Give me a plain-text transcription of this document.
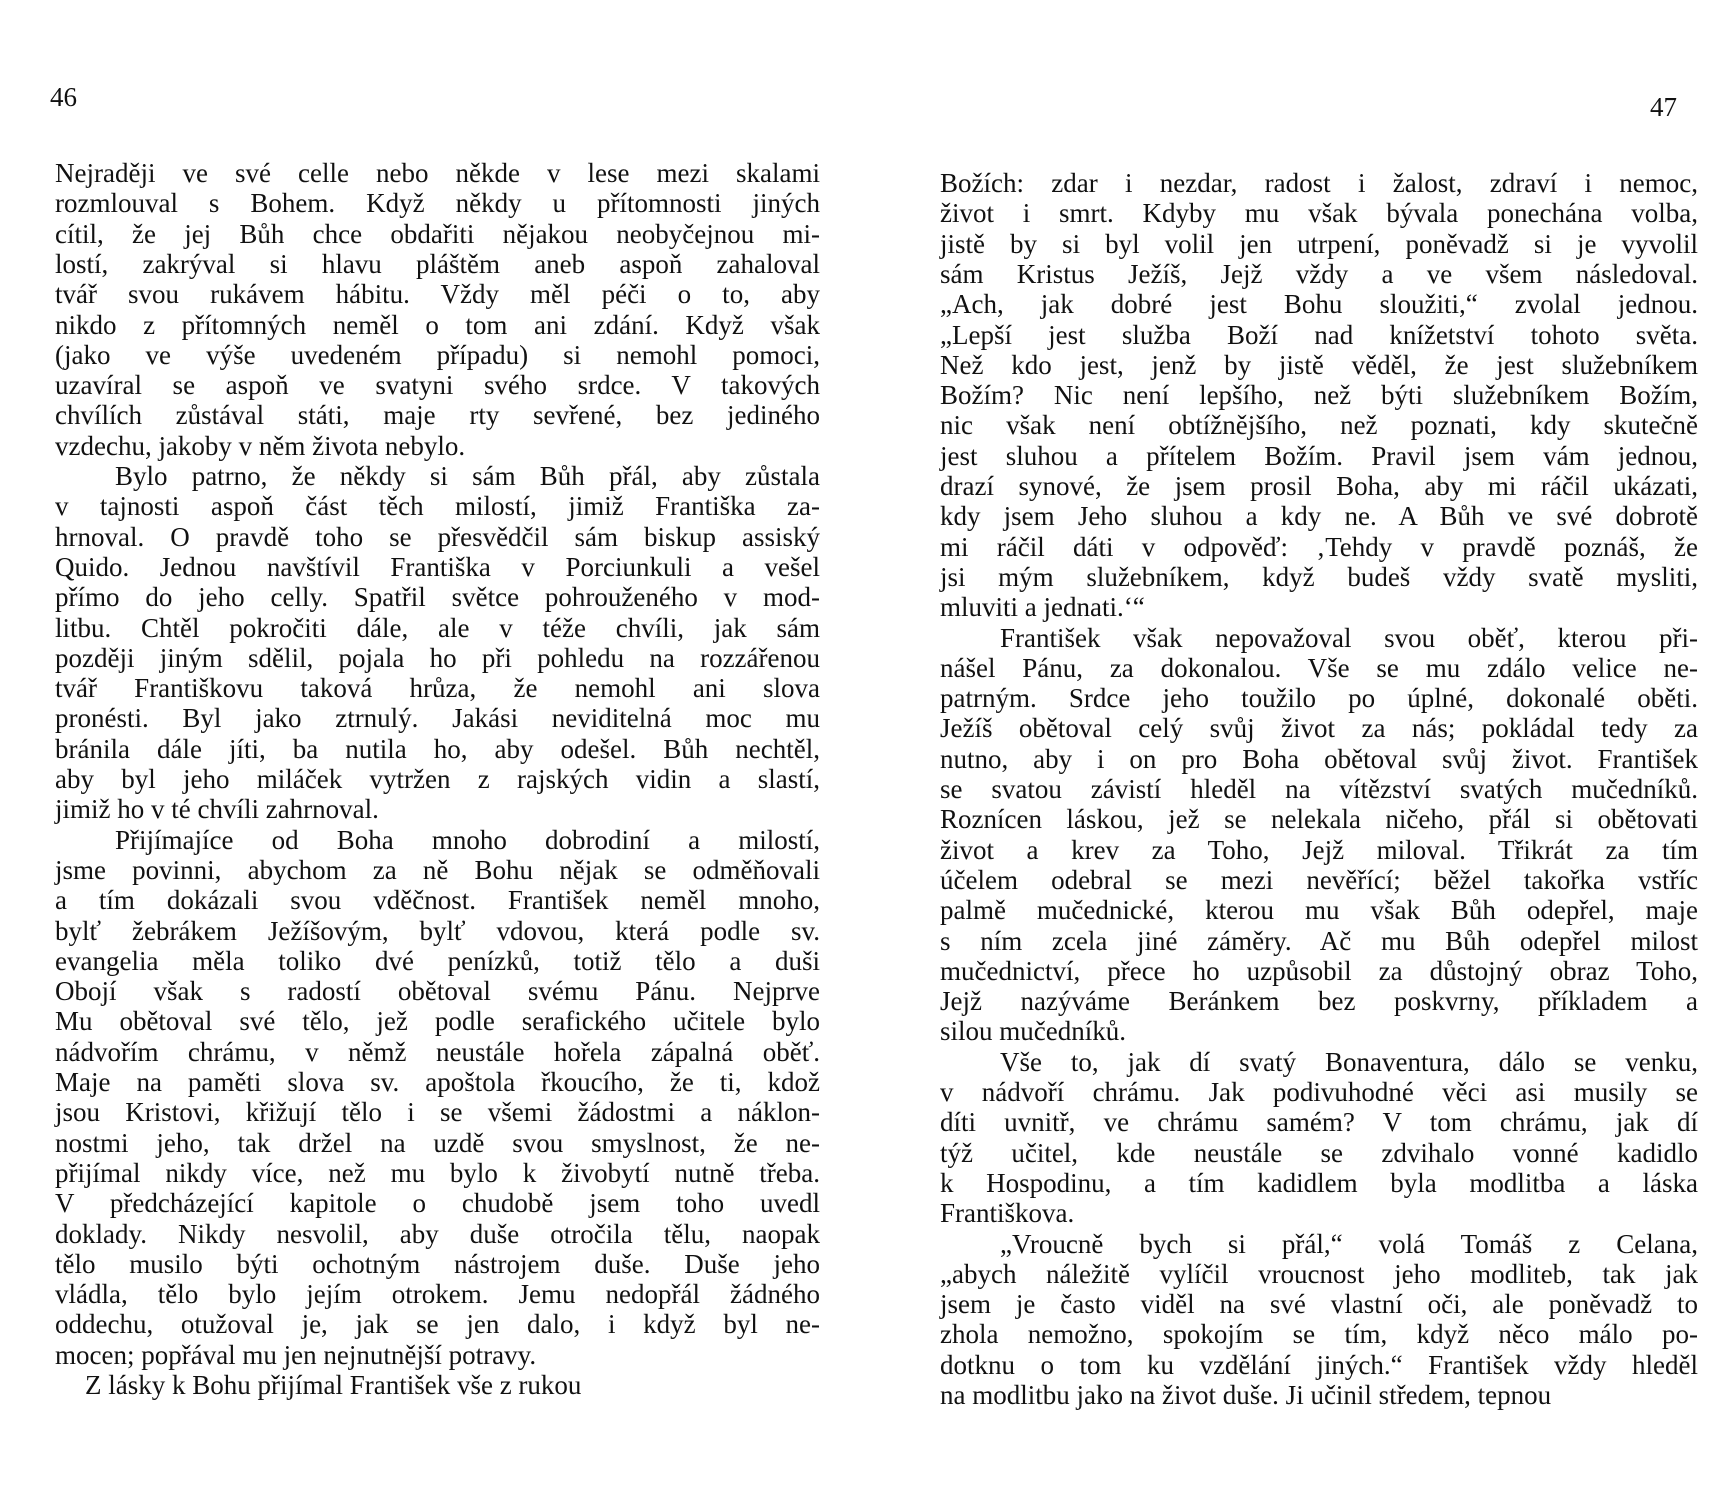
46	47
Nejraději ve své celle nebo někde v lese mezi skalami
rozmlouval s Bohem. Když někdy u přítomnosti jiných
cítil, že jej Bůh chce obdařiti nějakou neobyčejnou mi-
lostí, zakrýval si hlavu pláštěm aneb aspoň zahaloval
tvář svou rukávem hábitu. Vždy měl péči o to, aby
nikdo z přítomných neměl o tom ani zdání. Když však
(jako ve výše uvedeném případu) si nemohl pomoci,
uzavíral se aspoň ve svatyni svého srdce. V takových
chvílích zůstával státi, maje rty sevřené, bez jediného
vzdechu, jakoby v něm života nebylo.
Bylo patrno, že někdy si sám Bůh přál, aby zůstala
v tajnosti aspoň část těch milostí, jimiž Františka za-
hrnoval. O pravdě toho se přesvědčil sám biskup assiský
Quido. Jednou navštívil Františka v Porciunkuli a vešel
přímo do jeho celly. Spatřil světce pohrouženého v mod-
litbu. Chtěl pokročiti dále, ale v téže chvíli, jak sám
později jiným sdělil, pojala ho při pohledu na rozzářenou
tvář Františkovu taková hrůza, že nemohl ani slova
pronésti. Byl jako ztrnulý. Jakási neviditelná moc mu
bránila dále jíti, ba nutila ho, aby odešel. Bůh nechtěl,
aby byl jeho miláček vytržen z rajských vidin a slastí,
jimiž ho v té chvíli zahrnoval.
Přijímajíce od Boha mnoho dobrodiní a milostí,
jsme povinni, abychom za ně Bohu nějak se odměňovali
a tím dokázali svou vděčnost. František neměl mnoho,
bylť žebrákem Ježíšovým, bylť vdovou, která podle sv.
evangelia měla toliko dvé penízků, totiž tělo a duši
Obojí však s radostí obětoval svému Pánu. Nejprve
Mu obětoval své tělo, jež podle serafického učitele bylo
nádvořím chrámu, v němž neustále hořela zápalná oběť.
Maje na paměti slova sv. apoštola řkoucího, že ti, kdož
jsou Kristovi, křižují tělo i se všemi žádostmi a náklon-
nostmi jeho, tak držel na uzdě svou smyslnost, že ne-
přijímal nikdy více, než mu bylo k živobytí nutně třeba.
V předcházející kapitole o chudobě jsem toho uvedl
doklady. Nikdy nesvolil, aby duše otročila tělu, naopak
tělo musilo býti ochotným nástrojem duše. Duše jeho
vládla, tělo bylo jejím otrokem. Jemu nedopřál žádného
oddechu, otužoval je, jak se jen dalo, i když byl ne-
mocen; popřával mu jen nejnutnější potravy.
Z lásky k Bohu přijímal František vše z rukou
Božích: zdar i nezdar, radost i žalost, zdraví i nemoc,
život i smrt. Kdyby mu však bývala ponechána volba,
jistě by si byl volil jen utrpení, poněvadž si je vyvolil
sám Kristus Ježíš, Jejž vždy a ve všem následoval.
„Ach, jak dobré jest Bohu sloužiti,“ zvolal jednou.
„Lepší jest služba Boží nad knížetství tohoto světa.
Než kdo jest, jenž by jistě věděl, že jest služebníkem
Božím? Nic není lepšího, než býti služebníkem Božím,
nic však není obtížnějšího, než poznati, kdy skutečně
jest sluhou a přítelem Božím. Pravil jsem vám jednou,
drazí synové, že jsem prosil Boha, aby mi ráčil ukázati,
kdy jsem Jeho sluhou a kdy ne. A Bůh ve své dobrotě
mi ráčil dáti v odpověď: ‚Tehdy v pravdě poznáš, že
jsi mým služebníkem, když budeš vždy svatě mysliti,
mluviti a jednati.‘“
František však nepovažoval svou oběť, kterou při-
nášel Pánu, za dokonalou. Vše se mu zdálo velice ne-
patrným. Srdce jeho toužilo po úplné, dokonalé oběti.
Ježíš obětoval celý svůj život za nás; pokládal tedy za
nutno, aby i on pro Boha obětoval svůj život. František
se svatou závistí hleděl na vítězství svatých mučedníků.
Roznícen láskou, jež se nelekala ničeho, přál si obětovati
život a krev za Toho, Jejž miloval. Třikrát za tím
účelem odebral se mezi nevěřící; běžel takořka vstříc
palmě mučednické, kterou mu však Bůh odepřel, maje
s ním zcela jiné záměry. Ač mu Bůh odepřel milost
mučednictví, přece ho uzpůsobil za důstojný obraz Toho,
Jejž nazýváme Beránkem bez poskvrny, příkladem a
silou mučedníků.
Vše to, jak dí svatý Bonaventura, dálo se venku,
v nádvoří chrámu. Jak podivuhodné věci asi musily se
díti uvnitř, ve chrámu samém? V tom chrámu, jak dí
týž učitel, kde neustále se zdvihalo vonné kadidlo
k Hospodinu, a tím kadidlem byla modlitba a láska
Františkova.
„Vroucně bych si přál,“ volá Tomáš z Celana,
„abych náležitě vylíčil vroucnost jeho modliteb, tak jak
jsem je často viděl na své vlastní oči, ale poněvadž to
zhola nemožno, spokojím se tím, když něco málo po-
dotknu o tom ku vzdělání jiných.“ František vždy hleděl
na modlitbu jako na život duše. Ji učinil středem, tepnou
